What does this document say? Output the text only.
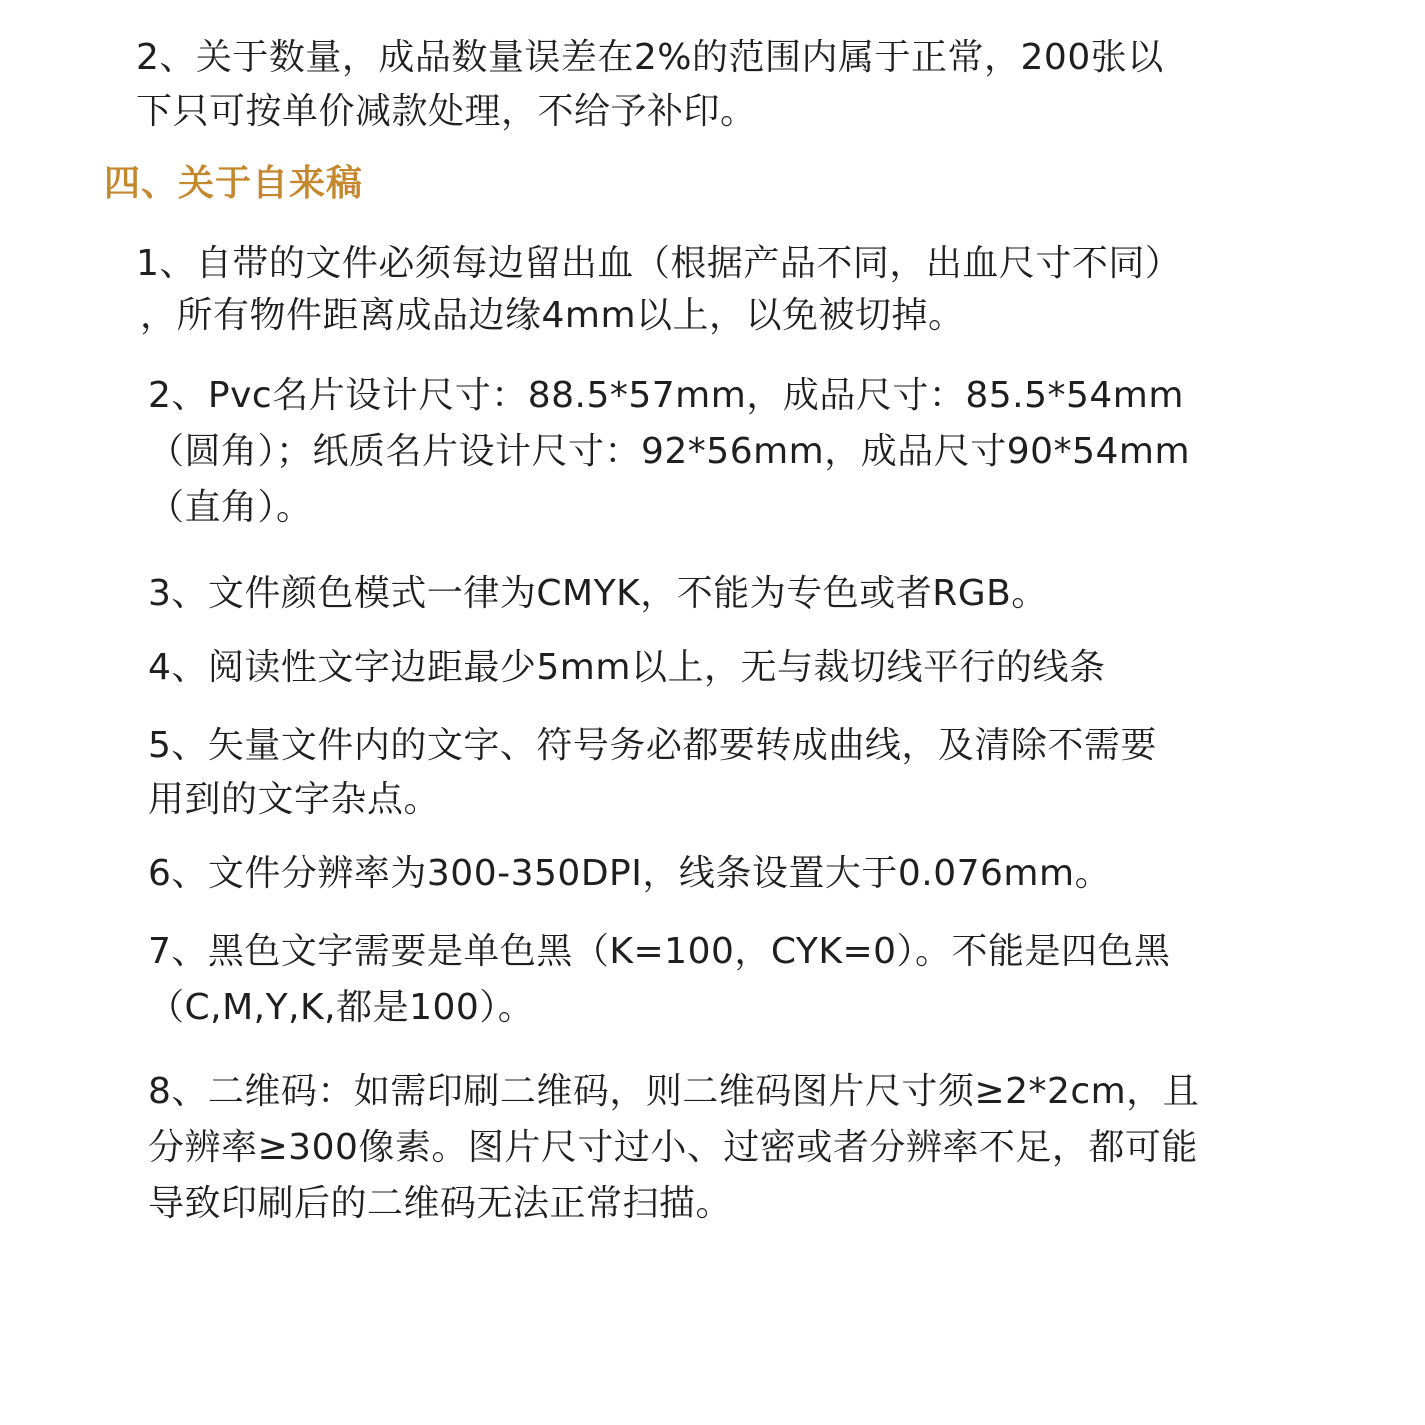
2、关于数量，成品数量误差在2%的范围内属于正常，200张以

下只可按单价减款处理，不给予补印。

四、关于自来稿

1、自带的文件必须每边留出血（根据产品不同，出血尺寸不同）

，所有物件距离成品边缘4mm以上，以免被切掉。

2、Pvc名片设计尺寸：88.5*57mm，成品尺寸：85.5*54mm

（圆角）；纸质名片设计尺寸：92*56mm，成品尺寸90*54mm

（直角）。

3、文件颜色模式一律为CMYK，不能为专色或者RGB。

4、阅读性文字边距最少5mm以上，无与裁切线平行的线条

5、矢量文件内的文字、符号务必都要转成曲线，及清除不需要

用到的文字杂点。

6、文件分辨率为300-350DPI，线条设置大于0.076mm。

7、黑色文字需要是单色黑（K=100，CYK=0）。不能是四色黑

（C,M,Y,K,都是100）。

8、二维码：如需印刷二维码，则二维码图片尺寸须≥2*2cm，且

分辨率≥300像素。图片尺寸过小、过密或者分辨率不足，都可能

导致印刷后的二维码无法正常扫描。
